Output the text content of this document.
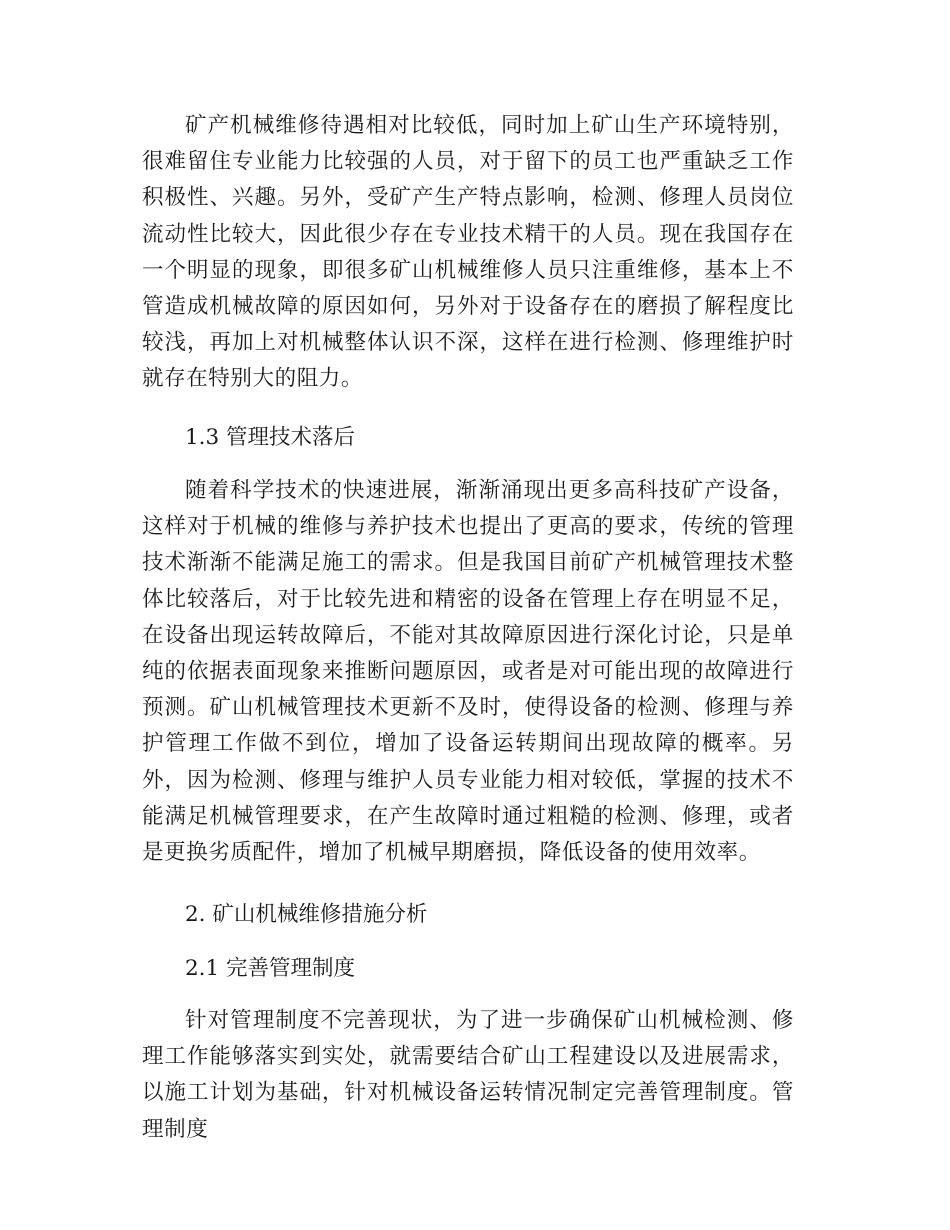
矿产机械维修待遇相对比较低，同时加上矿山生产环境特别，很难留住专业能力比较强的人员，对于留下的员工也严重缺乏工作积极性、兴趣。另外，受矿产生产特点影响，检测、修理人员岗位流动性比较大，因此很少存在专业技术精干的人员。现在我国存在一个明显的现象，即很多矿山机械维修人员只注重维修，基本上不管造成机械故障的原因如何，另外对于设备存在的磨损了解程度比较浅，再加上对机械整体认识不深，这样在进行检测、修理维护时就存在特别大的阻力。

1.3 管理技术落后

随着科学技术的快速进展，渐渐涌现出更多高科技矿产设备，这样对于机械的维修与养护技术也提出了更高的要求，传统的管理技术渐渐不能满足施工的需求。但是我国目前矿产机械管理技术整体比较落后，对于比较先进和精密的设备在管理上存在明显不足，在设备出现运转故障后，不能对其故障原因进行深化讨论，只是单纯的依据表面现象来推断问题原因，或者是对可能出现的故障进行预测。矿山机械管理技术更新不及时，使得设备的检测、修理与养护管理工作做不到位，增加了设备运转期间出现故障的概率。另外，因为检测、修理与维护人员专业能力相对较低，掌握的技术不能满足机械管理要求，在产生故障时通过粗糙的检测、修理，或者是更换劣质配件，增加了机械早期磨损，降低设备的使用效率。

2. 矿山机械维修措施分析

2.1 完善管理制度

针对管理制度不完善现状，为了进一步确保矿山机械检测、修理工作能够落实到实处，就需要结合矿山工程建设以及进展需求，以施工计划为基础，针对机械设备运转情况制定完善管理制度。管理制度
